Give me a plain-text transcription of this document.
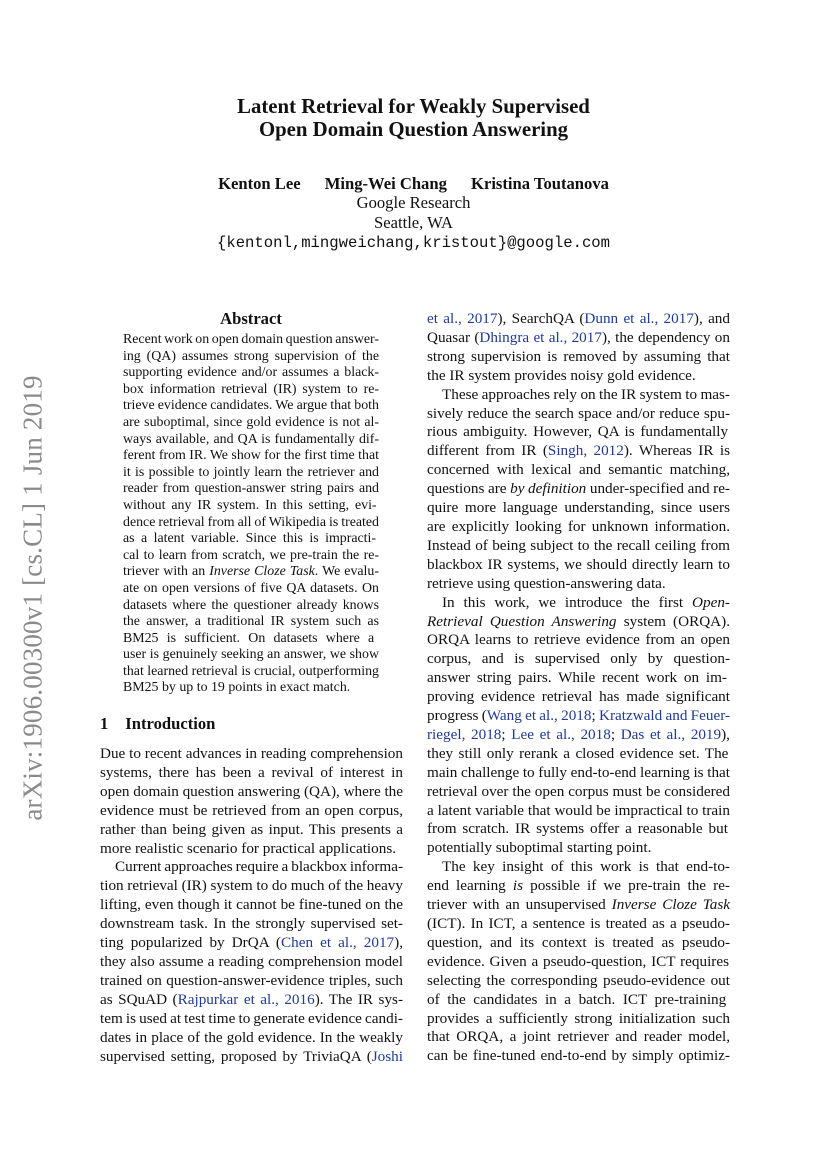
arXiv:1906.00300v1 [cs.CL] 1 Jun 2019
Latent Retrieval for Weakly Supervised
Open Domain Question Answering
Kenton Lee Ming-Wei Chang Kristina Toutanova
Google Research
Seattle, WA
{kentonl,mingweichang,kristout}@google.com
Abstract
Recent work on open domain question answer-
ing (QA) assumes strong supervision of the
supporting evidence and/or assumes a black-
box information retrieval (IR) system to re-
trieve evidence candidates. We argue that both
are suboptimal, since gold evidence is not al-
ways available, and QA is fundamentally dif-
ferent from IR. We show for the first time that
it is possible to jointly learn the retriever and
reader from question-answer string pairs and
without any IR system. In this setting, evi-
dence retrieval from all of Wikipedia is treated
as a latent variable. Since this is impracti-
cal to learn from scratch, we pre-train the re-
triever with an Inverse Cloze Task. We evalu-
ate on open versions of five QA datasets. On
datasets where the questioner already knows
the answer, a traditional IR system such as
BM25 is sufficient. On datasets where a
user is genuinely seeking an answer, we show
that learned retrieval is crucial, outperforming
BM25 by up to 19 points in exact match.
1 Introduction
Due to recent advances in reading comprehension
systems, there has been a revival of interest in
open domain question answering (QA), where the
evidence must be retrieved from an open corpus,
rather than being given as input. This presents a
more realistic scenario for practical applications.
Current approaches require a blackbox informa-
tion retrieval (IR) system to do much of the heavy
lifting, even though it cannot be fine-tuned on the
downstream task. In the strongly supervised set-
ting popularized by DrQA (Chen et al., 2017),
they also assume a reading comprehension model
trained on question-answer-evidence triples, such
as SQuAD (Rajpurkar et al., 2016). The IR sys-
tem is used at test time to generate evidence candi-
dates in place of the gold evidence. In the weakly
supervised setting, proposed by TriviaQA (Joshi
et al., 2017), SearchQA (Dunn et al., 2017), and
Quasar (Dhingra et al., 2017), the dependency on
strong supervision is removed by assuming that
the IR system provides noisy gold evidence.
These approaches rely on the IR system to mas-
sively reduce the search space and/or reduce spu-
rious ambiguity. However, QA is fundamentally
different from IR (Singh, 2012). Whereas IR is
concerned with lexical and semantic matching,
questions are by definition under-specified and re-
quire more language understanding, since users
are explicitly looking for unknown information.
Instead of being subject to the recall ceiling from
blackbox IR systems, we should directly learn to
retrieve using question-answering data.
In this work, we introduce the first Open-
Retrieval Question Answering system (ORQA).
ORQA learns to retrieve evidence from an open
corpus, and is supervised only by question-
answer string pairs. While recent work on im-
proving evidence retrieval has made significant
progress (Wang et al., 2018; Kratzwald and Feuer-
riegel, 2018; Lee et al., 2018; Das et al., 2019),
they still only rerank a closed evidence set. The
main challenge to fully end-to-end learning is that
retrieval over the open corpus must be considered
a latent variable that would be impractical to train
from scratch. IR systems offer a reasonable but
potentially suboptimal starting point.
The key insight of this work is that end-to-
end learning is possible if we pre-train the re-
triever with an unsupervised Inverse Cloze Task
(ICT). In ICT, a sentence is treated as a pseudo-
question, and its context is treated as pseudo-
evidence. Given a pseudo-question, ICT requires
selecting the corresponding pseudo-evidence out
of the candidates in a batch. ICT pre-training
provides a sufficiently strong initialization such
that ORQA, a joint retriever and reader model,
can be fine-tuned end-to-end by simply optimiz-
